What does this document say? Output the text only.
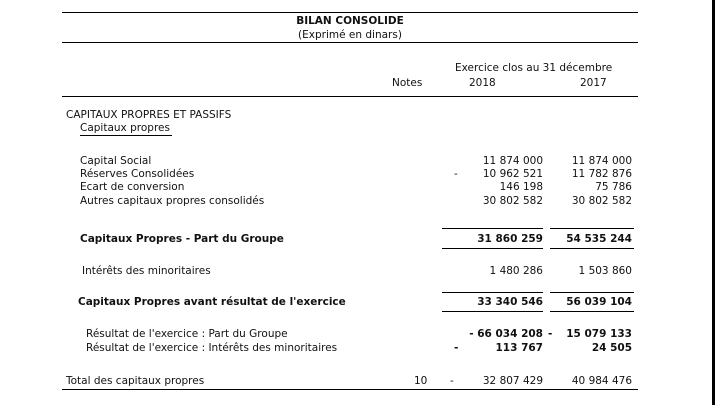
BILAN CONSOLIDE
(Exprimé en dinars)
Exercice clos au 31 décembre
Notes	2018	2017
CAPITAUX PROPRES ET PASSIFS
Capitaux propres
Capital Social	11 874 000	11 874 000
Réserves Consolidées	-	10 962 521	11 782 876
Ecart de conversion	146 198	75 786
Autres capitaux propres consolidés	30 802 582	30 802 582
Capitaux Propres - Part du Groupe	31 860 259	54 535 244
Intérêts des minoritaires	1 480 286	1 503 860
Capitaux Propres avant résultat de l'exercice	33 340 546	56 039 104
Résultat de l'exercice : Part du Groupe	- 66 034 208 -	15 079 133
Résultat de l'exercice : Intérêts des minoritaires	-	113 767	24 505
Total des capitaux propres	10 -	32 807 429	40 984 476
